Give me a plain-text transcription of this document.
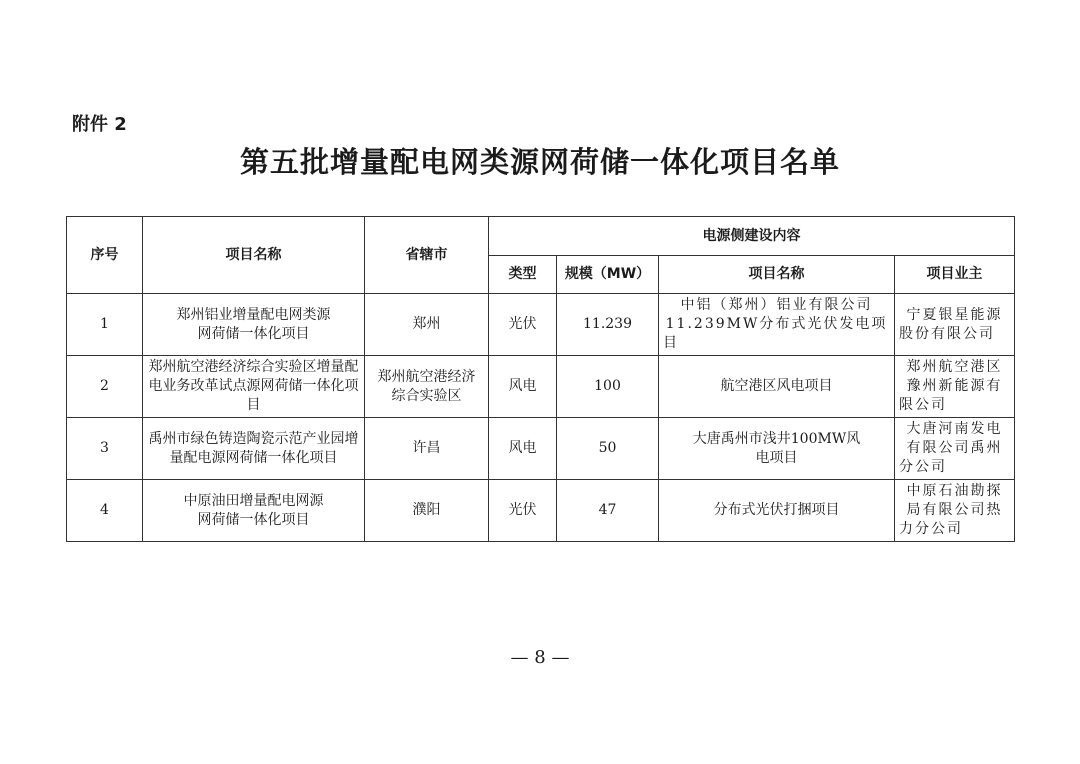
附件 2
第五批增量配电网类源网荷储一体化项目名单
序号	项目名称	省辖市	电源侧建设内容			
			类型	规模（MW）	项目名称	项目业主
1	郑州铝业增量配电网类源网荷储一体化项目	郑州	光伏	11.239	中铝（郑州）铝业有限公司11.239MW分布式光伏发电项目	宁夏银星能源股份有限公司
2	郑州航空港经济综合实验区增量配电业务改革试点源网荷储一体化项目	郑州航空港经济综合实验区	风电	100	航空港区风电项目	郑州航空港区豫州新能源有限公司
3	禹州市绿色铸造陶瓷示范产业园增量配电源网荷储一体化项目	许昌	风电	50	大唐禹州市浅井100MW风电项目	大唐河南发电有限公司禹州分公司
4	中原油田增量配电网源网荷储一体化项目	濮阳	光伏	47	分布式光伏打捆项目	中原石油勘探局有限公司热力分公司
— 8 —
